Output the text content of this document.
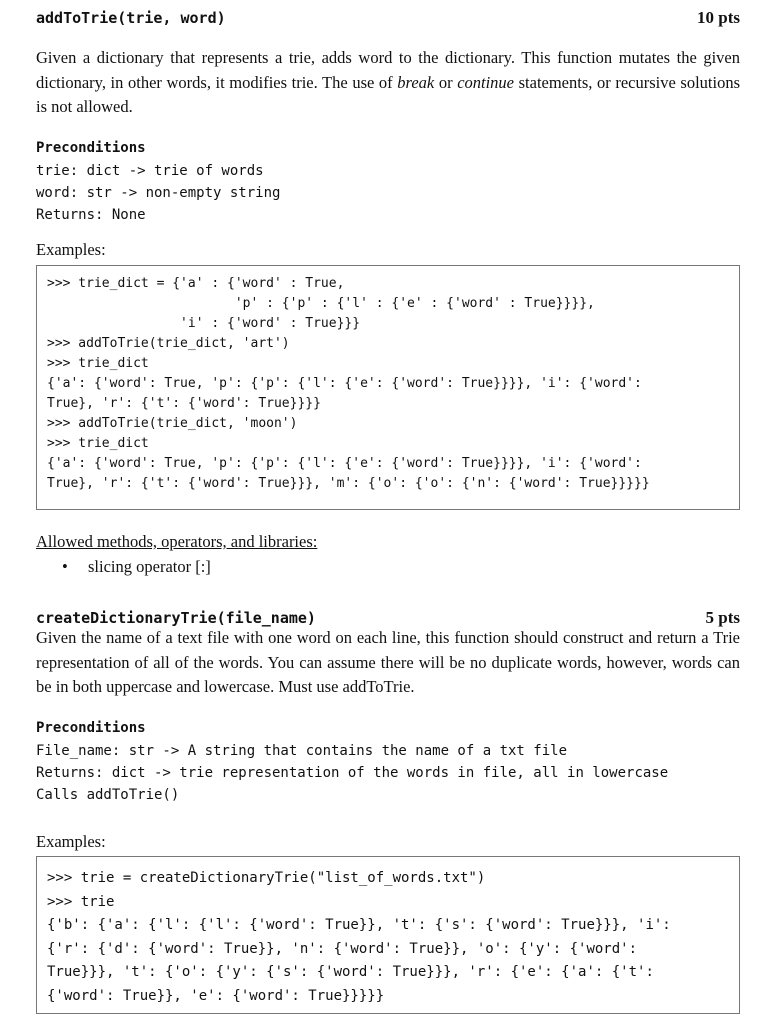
addToTrie(trie, word)	10 pts

Given a dictionary that represents a trie, adds word to the dictionary. This function mutates the given dictionary, in other words, it modifies trie. The use of break or continue statements, or recursive solutions is not allowed.

Preconditions

trie: dict -> trie of words

word: str -> non-empty string

Returns: None

Examples:

>>> trie_dict = {'a' : {'word' : True,

'p' : {'p' : {'l' : {'e' : {'word' : True}}}},

'i' : {'word' : True}}}

>>> addToTrie(trie_dict, 'art')

>>> trie_dict

{'a': {'word': True, 'p': {'p': {'l': {'e': {'word': True}}}}, 'i': {'word':

True}, 'r': {'t': {'word': True}}}}

>>> addToTrie(trie_dict, 'moon')

>>> trie_dict

{'a': {'word': True, 'p': {'p': {'l': {'e': {'word': True}}}}, 'i': {'word':

True}, 'r': {'t': {'word': True}}}, 'm': {'o': {'o': {'n': {'word': True}}}}}

Allowed methods, operators, and libraries:

•	slicing operator [:]
createDictionaryTrie(file_name)	5 pts

Given the name of a text file with one word on each line, this function should construct and return a Trie representation of all of the words. You can assume there will be no duplicate words, however, words can be in both uppercase and lowercase. Must use addToTrie.

Preconditions

File_name: str -> A string that contains the name of a txt file

Returns: dict -> trie representation of the words in file, all in lowercase

Calls addToTrie()

Examples:

>>> trie = createDictionaryTrie("list_of_words.txt")

>>> trie

{'b': {'a': {'l': {'l': {'word': True}}, 't': {'s': {'word': True}}}, 'i':

{'r': {'d': {'word': True}}, 'n': {'word': True}}, 'o': {'y': {'word':

True}}}, 't': {'o': {'y': {'s': {'word': True}}}, 'r': {'e': {'a': {'t':

{'word': True}}, 'e': {'word': True}}}}}
